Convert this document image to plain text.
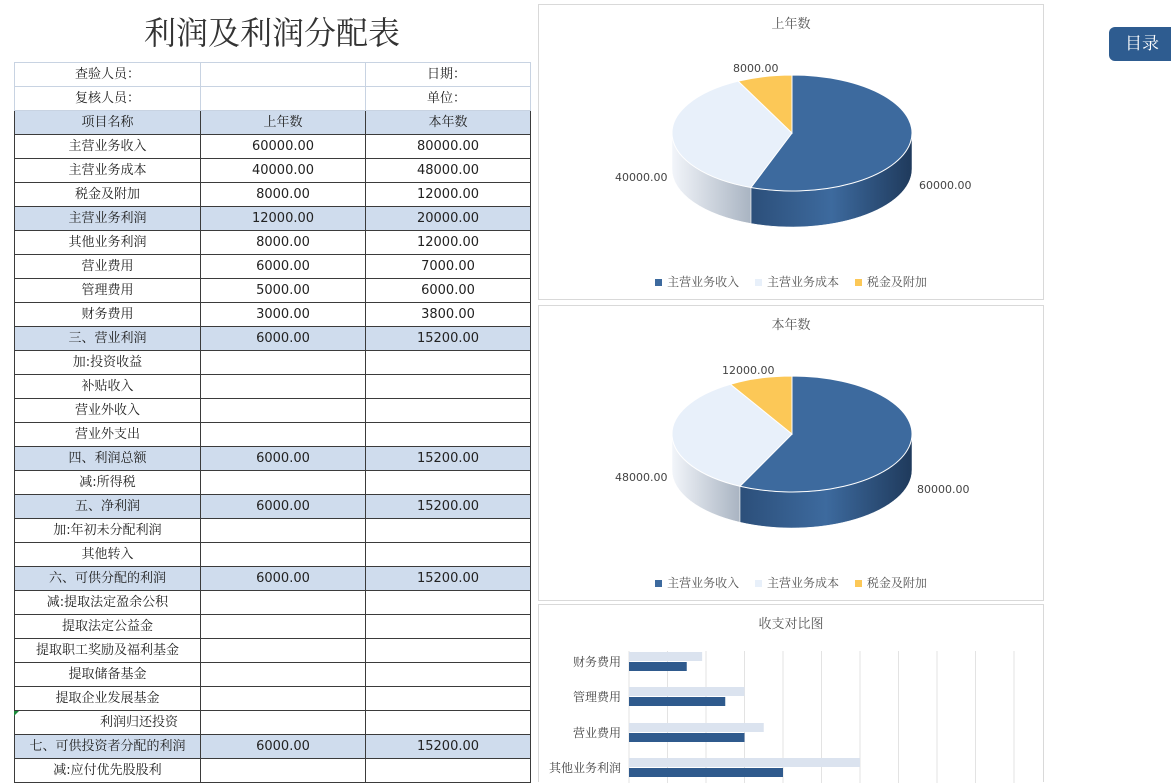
利润及利润分配表
查验人员：		日期：
复核人员：		单位：
项目名称	上年数	本年数
主营业务收入	60000.00	80000.00
主营业务成本	40000.00	48000.00
税金及附加	8000.00	12000.00
主营业务利润	12000.00	20000.00
其他业务利润	8000.00	12000.00
营业费用	6000.00	7000.00
管理费用	5000.00	6000.00
财务费用	3000.00	3800.00
三、营业利润	6000.00	15200.00
加:投资收益		
补贴收入		
营业外收入		
营业外支出		
四、利润总额	6000.00	15200.00
减:所得税		
五、净利润	6000.00	15200.00
加:年初未分配利润		
其他转入		
六、可供分配的利润	6000.00	15200.00
减:提取法定盈余公积		
提取法定公益金		
提取职工奖励及福利基金		
提取储备基金		
提取企业发展基金		
利润归还投资		
七、可供投资者分配的利润	6000.00	15200.00
减:应付优先股股利		
上年数
8000.00
40000.00
60000.00
主营业务收入 主营业务成本 税金及附加
本年数
12000.00
48000.00
80000.00
主营业务收入 主营业务成本 税金及附加
收支对比图
财务费用
管理费用
营业费用
其他业务利润
目录
